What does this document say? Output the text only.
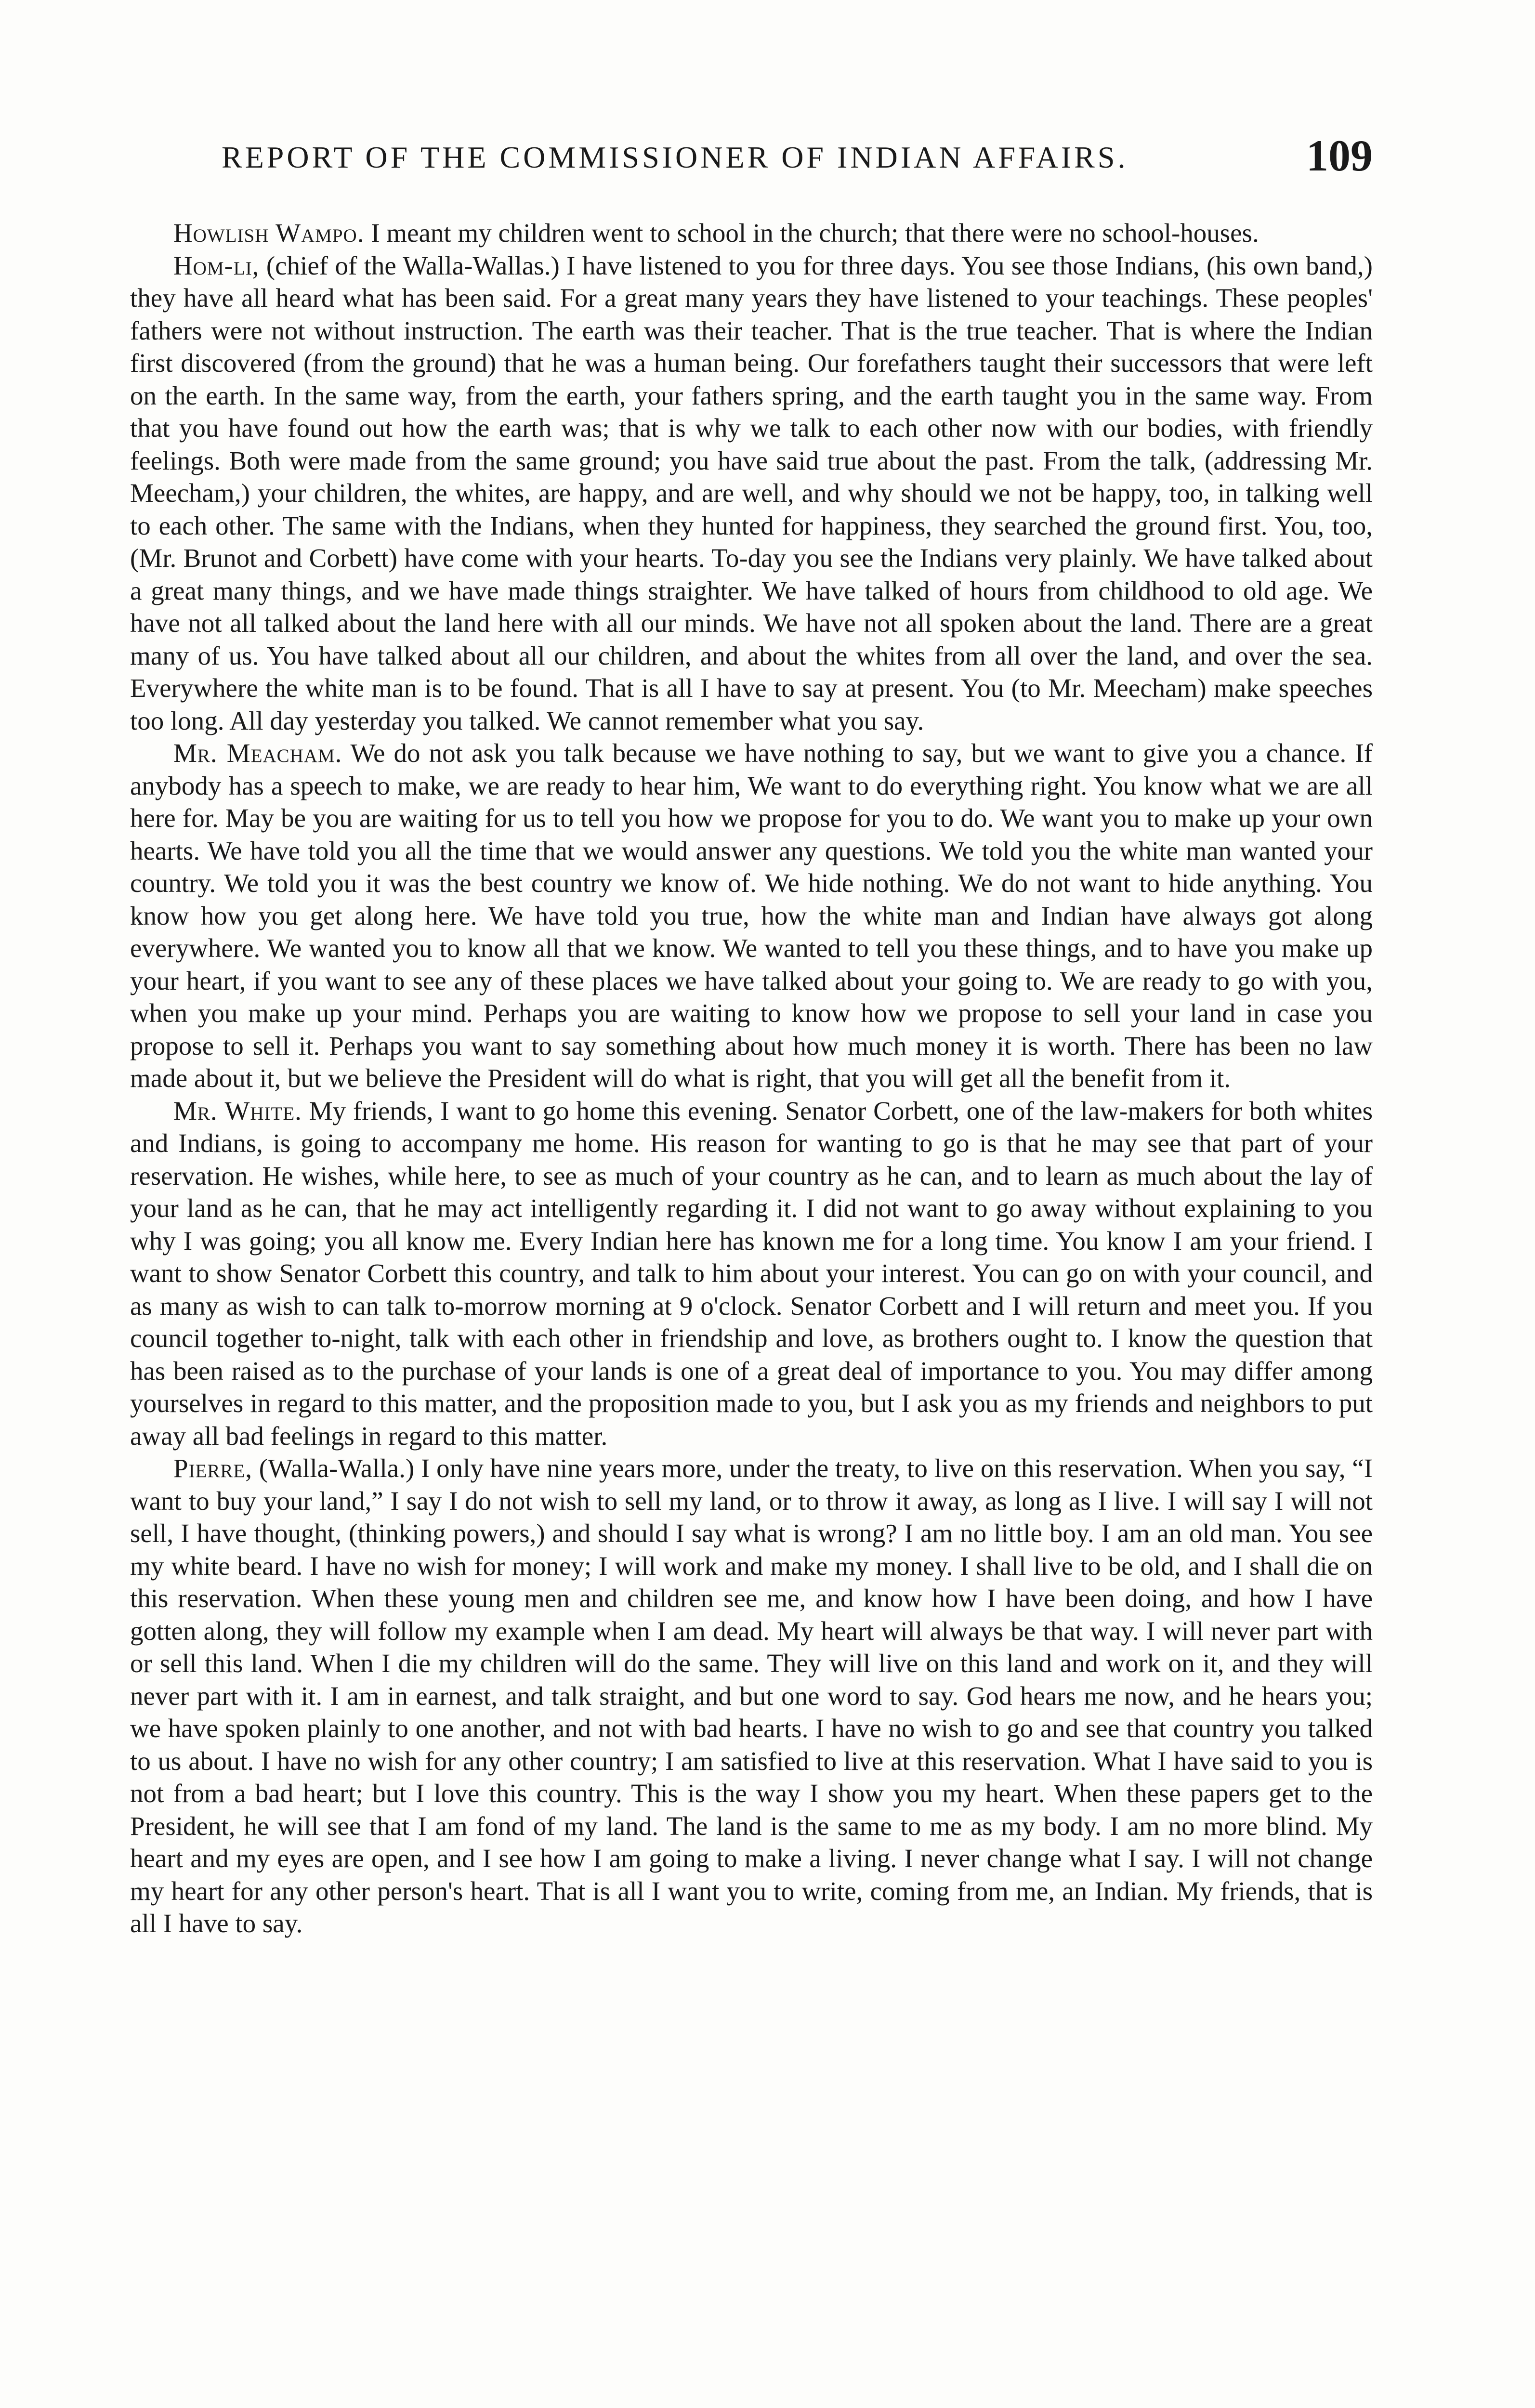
REPORT OF THE COMMISSIONER OF INDIAN AFFAIRS.	109

Howlish Wampo. I meant my children went to school in the church; that there were no school-houses.

Hom-li, (chief of the Walla-Wallas.) I have listened to you for three days. You see those Indians, (his own band,) they have all heard what has been said. For a great many years they have listened to your teachings. These peoples' fathers were not without instruction. The earth was their teacher. That is the true teacher. That is where the Indian first discovered (from the ground) that he was a human being. Our forefathers taught their successors that were left on the earth. In the same way, from the earth, your fathers spring, and the earth taught you in the same way. From that you have found out how the earth was; that is why we talk to each other now with our bodies, with friendly feelings. Both were made from the same ground; you have said true about the past. From the talk, (addressing Mr. Meecham,) your children, the whites, are happy, and are well, and why should we not be happy, too, in talking well to each other. The same with the Indians, when they hunted for happiness, they searched the ground first. You, too, (Mr. Brunot and Corbett) have come with your hearts. To-day you see the Indians very plainly. We have talked about a great many things, and we have made things straighter. We have talked of hours from childhood to old age. We have not all talked about the land here with all our minds. We have not all spoken about the land. There are a great many of us. You have talked about all our children, and about the whites from all over the land, and over the sea. Everywhere the white man is to be found. That is all I have to say at present. You (to Mr. Meecham) make speeches too long. All day yesterday you talked. We cannot remember what you say.

Mr. Meacham. We do not ask you talk because we have nothing to say, but we want to give you a chance. If anybody has a speech to make, we are ready to hear him, We want to do everything right. You know what we are all here for. May be you are waiting for us to tell you how we propose for you to do. We want you to make up your own hearts. We have told you all the time that we would answer any questions. We told you the white man wanted your country. We told you it was the best country we know of. We hide nothing. We do not want to hide anything. You know how you get along here. We have told you true, how the white man and Indian have always got along everywhere. We wanted you to know all that we know. We wanted to tell you these things, and to have you make up your heart, if you want to see any of these places we have talked about your going to. We are ready to go with you, when you make up your mind. Perhaps you are waiting to know how we propose to sell your land in case you propose to sell it. Perhaps you want to say something about how much money it is worth. There has been no law made about it, but we believe the President will do what is right, that you will get all the benefit from it.

Mr. White. My friends, I want to go home this evening. Senator Corbett, one of the law-makers for both whites and Indians, is going to accompany me home. His reason for wanting to go is that he may see that part of your reservation. He wishes, while here, to see as much of your country as he can, and to learn as much about the lay of your land as he can, that he may act intelligently regarding it. I did not want to go away without explaining to you why I was going; you all know me. Every Indian here has known me for a long time. You know I am your friend. I want to show Senator Corbett this country, and talk to him about your interest. You can go on with your council, and as many as wish to can talk to-morrow morning at 9 o'clock. Senator Corbett and I will return and meet you. If you council together to-night, talk with each other in friendship and love, as brothers ought to. I know the question that has been raised as to the purchase of your lands is one of a great deal of importance to you. You may differ among yourselves in regard to this matter, and the proposition made to you, but I ask you as my friends and neighbors to put away all bad feelings in regard to this matter.

Pierre, (Walla-Walla.) I only have nine years more, under the treaty, to live on this reservation. When you say, “I want to buy your land,” I say I do not wish to sell my land, or to throw it away, as long as I live. I will say I will not sell, I have thought, (thinking powers,) and should I say what is wrong? I am no little boy. I am an old man. You see my white beard. I have no wish for money; I will work and make my money. I shall live to be old, and I shall die on this reservation. When these young men and children see me, and know how I have been doing, and how I have gotten along, they will follow my example when I am dead. My heart will always be that way. I will never part with or sell this land. When I die my children will do the same. They will live on this land and work on it, and they will never part with it. I am in earnest, and talk straight, and but one word to say. God hears me now, and he hears you; we have spoken plainly to one another, and not with bad hearts. I have no wish to go and see that country you talked to us about. I have no wish for any other country; I am satisfied to live at this reservation. What I have said to you is not from a bad heart; but I love this country. This is the way I show you my heart. When these papers get to the President, he will see that I am fond of my land. The land is the same to me as my body. I am no more blind. My heart and my eyes are open, and I see how I am going to make a living. I never change what I say. I will not change my heart for any other person's heart. That is all I want you to write, coming from me, an Indian. My friends, that is all I have to say.
